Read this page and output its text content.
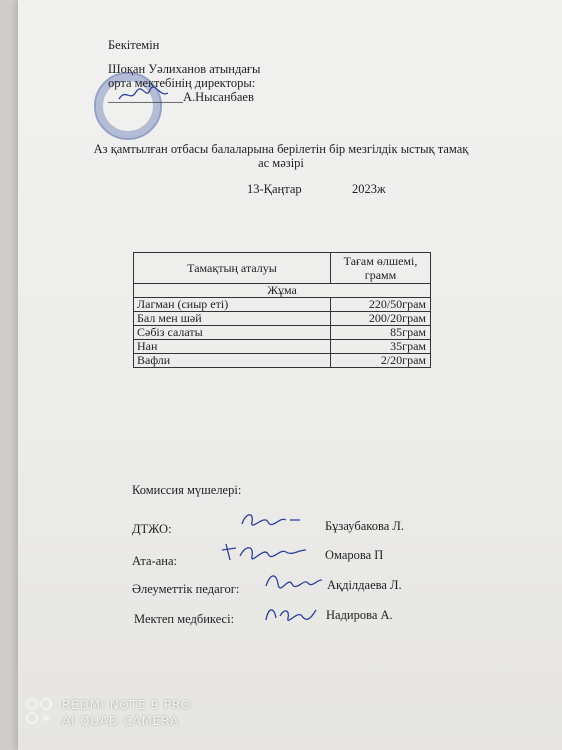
Бекітемін
Шоқан Уәлиханов атындағы
орта мектебінің директоры:
____________А.Нысанбаев
Аз қамтылған отбасы балаларына берілетін бір мезгілдік ыстық тамақ
ас мәзірі
13-Қаңтар	2023ж
Тамақтың аталуы	Тағам өлшемі, грамм
Жұма	
Лагман (сиыр еті)	220/50грам
Бал мен шәй	200/20грам
Сәбіз салаты	85грам
Нан	35грам
Вафли	2/20грам
Комиссия мүшелері:
ДТЖО:	Бұзаубакова Л.
Ата-ана:	Омарова П
Әлеуметтік педагог:	Ақділдаева Л.
Мектеп медбикесі:	Надирова А.
REDMI NOTE 9 PRO
AI QUAD CAMERA
